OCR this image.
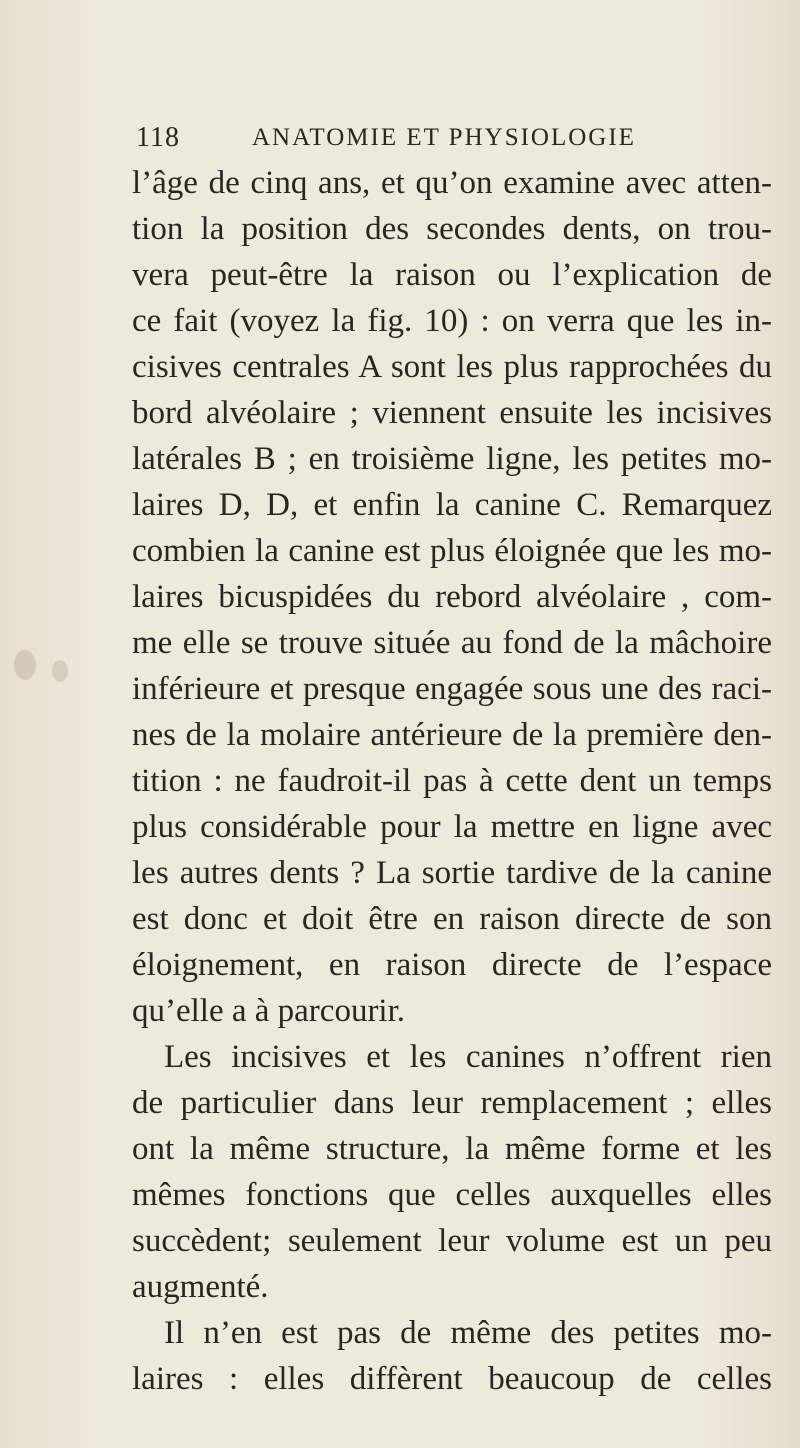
118	ANATOMIE ET PHYSIOLOGIE
l’âge de cinq ans, et qu’on examine avec atten-
tion la position des secondes dents, on trou-
vera peut-être la raison ou l’explication de
ce fait (voyez la fig. 10) : on verra que les in-
cisives centrales A sont les plus rapprochées du
bord alvéolaire ; viennent ensuite les incisives
latérales B ; en troisième ligne, les petites mo-
laires D, D, et enfin la canine C. Remarquez
combien la canine est plus éloignée que les mo-
laires bicuspidées du rebord alvéolaire , com-
me elle se trouve située au fond de la mâchoire
inférieure et presque engagée sous une des raci-
nes de la molaire antérieure de la première den-
tition : ne faudroit-il pas à cette dent un temps
plus considérable pour la mettre en ligne avec
les autres dents ? La sortie tardive de la canine
est donc et doit être en raison directe de son
éloignement, en raison directe de l’espace
qu’elle a à parcourir.
Les incisives et les canines n’offrent rien
de particulier dans leur remplacement ; elles
ont la même structure, la même forme et les
mêmes fonctions que celles auxquelles elles
succèdent; seulement leur volume est un peu
augmenté.
Il n’en est pas de même des petites mo-
laires : elles diffèrent beaucoup de celles
